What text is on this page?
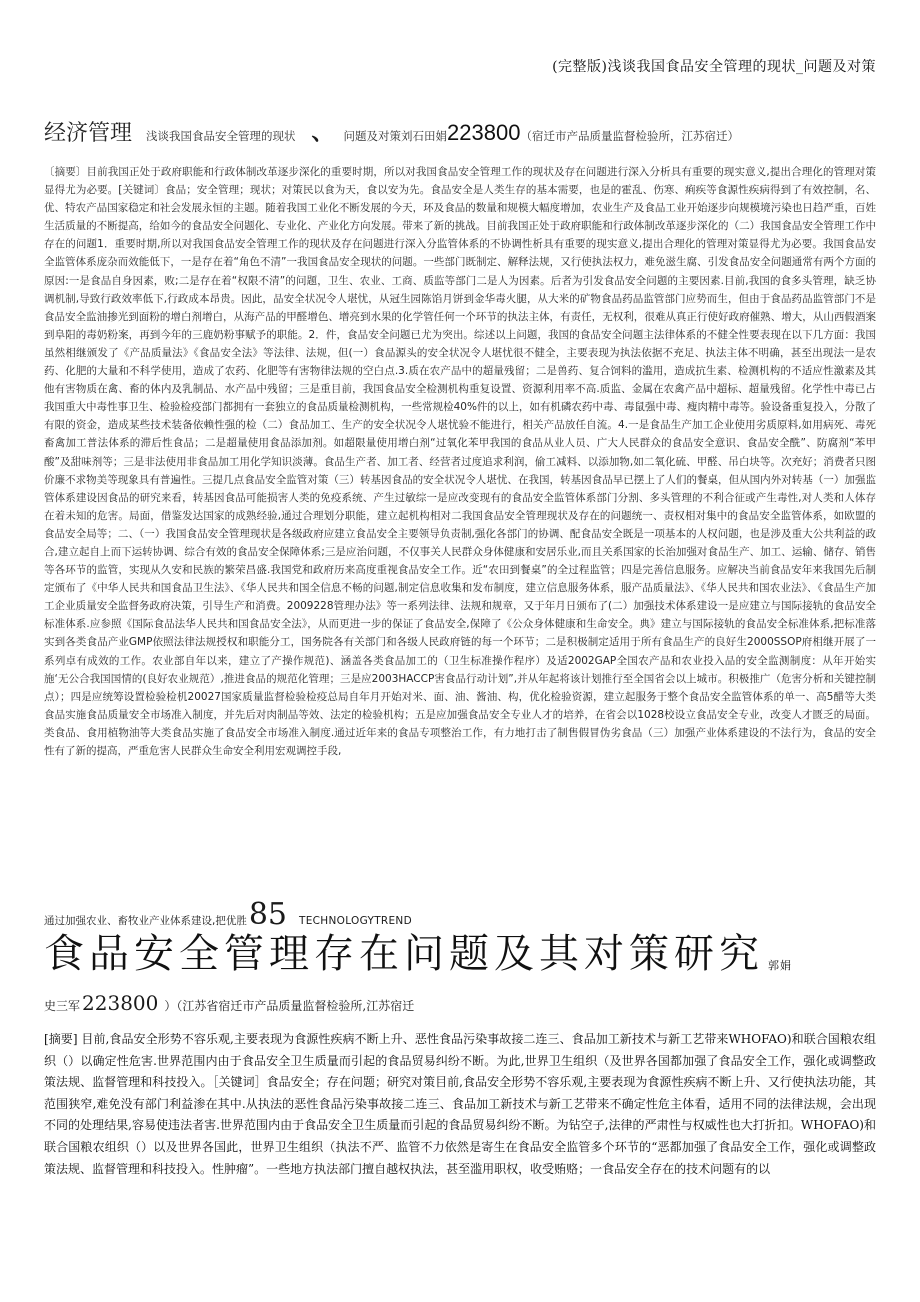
(完整版)浅谈我国食品安全管理的现状_问题及对策
经济管理 浅谈我国食品安全管理的现状 、 问题及对策刘石田娟 223800 （宿迁市产品质量监督检验所，江苏宿迁）
〔摘要〕目前我国正处于政府职能和行政体制改革逐步深化的重要时期，所以对我国食品安全管理工作的现状及存在问题进行深入分析具有重要的现实意义,提出合理化的管理对策显得尤为必要。[关键词〕食品；安全管理；现状；对策民以食为天，食以安为先。食品安全是人类生存的基本需要，也是的霍乱、伤寒、痢疾等食源性疾病得到了有效控制，名、优、特农产品国家稳定和社会发展永恒的主题。随着我国工业化不断发展的今天，环及食品的数量和规模大幅度增加，农业生产及食品工业开始逐步向规模境污染也日趋严重，百姓生活质量的不断提高，给如今的食品安全问题化、专业化、产业化方向发展。带来了新的挑战。目前我国正处于政府职能和行政体制改革逐步深化的（二）我国食品安全管理工作中存在的问题1．重要时期,所以对我国食品安全管理工作的现状及存在问题进行深入分监管体系的不协调性析具有重要的现实意义,提出合理化的管理对策显得尤为必要。我国食品安全监管体系庞杂而效能低下，一是存在着“角色不清”一我国食品安全现状的问题。一些部门既制定、解释法规，又行使执法权力，难免滋生腐、引发食品安全问题通常有两个方面的原因:一是食品自身因素，败;二是存在着“权限不清”的问题，卫生、农业、工商、质监等部门二是人为因素。后者为引发食品安全问题的主要因素.目前,我国的食多头管理，缺乏协调机制,导致行政效率低下,行政成本昂贵。因此，品安全状况令人堪忧，从冠生园陈馅月饼到金华毒火腿，从大米的矿物食品药品监管部门应势而生，但由于食品药品监管部门不是食品安全监油掺光到面粉的增白剂增白，从海产品的甲醛增色、增亮到水果的化学管任何一个环节的执法主体，有责任，无权利，很难从真正行使好政府催熟、增大，从山西假酒案到阜阳的毒奶粉案，再到今年的三鹿奶粉事赋予的职能。2．件，食品安全问题已尤为突出。综述以上问题，我国的食品安全问题主法律体系的不健全性要表现在以下几方面：我国虽然相继颁发了《产品质量法》《食品安全法》等法律、法规，但(一）食品源头的安全状况令人堪忧很不健全，主要表现为执法依据不充足、执法主体不明确，甚至出现法一是农药、化肥的大量和不科学使用，造成了农药、化肥等有害物律法规的空白点.3.质在农产品中的超量残留；二是兽药、复合饲料的滥用，造成抗生素、检测机构的不适应性激素及其他有害物质在禽、畜的体内及乳制品、水产品中残留；三是重目前，我国食品安全检测机构重复设置、资源利用率不高.质监、金属在农禽产品中超标、超量残留。化学性中毒已占我国重大中毒性事卫生、检验检疫部门都拥有一套独立的食品质量检测机构，一些常规检40%件的以上，如有机磷农药中毒、毒鼠强中毒、瘦肉精中毒等。验设备重复投入，分散了有限的资金，造成某些技术装备依赖性强的检（二）食品加工、生产的安全状况令人堪忧验不能进行，相关产品放任自流。4.一是食品生产加工企业使用劣质原料,如用病死、毒死畜禽加工普法体系的滞后性食品；二是超量使用食品添加剂。如超限量使用增白剂“过氧化苯甲我国的食品从业人员、广大人民群众的食品安全意识、食品安全酰”、防腐剂“苯甲酸”及甜味剂等；三是非法使用非食品加工用化学知识淡薄。食品生产者、加工者、经营者过度追求利润，偷工减料、以添加物,如二氧化硫、甲醛、吊白块等。次充好；消费者只图价廉不求物美等现象具有普遍性。三提几点食品安全监管对策（三）转基因食品的安全状况令人堪忧、在我国，转基因食品早已摆上了人们的餐桌，但从国内外对转基（一）加强监管体系建设因食品的研究来看，转基因食品可能损害人类的免疫系统、产生过敏综一是应改变现有的食品安全监管体系部门分割、多头管理的不利合征或产生毒性,对人类和人体存在着未知的危害。局面，借鉴发达国家的成熟经验,通过合理划分职能，建立起机构相对二我国食品安全管理现状及存在的问题统一、责权相对集中的食品安全监管体系，如欧盟的食品安全局等；二、（一）我国食品安全管理现状是各级政府应建立食品安全主要领导负责制,强化各部门的协调、配食品安全既是一项基本的人权问题，也是涉及重大公共利益的政合,建立起自上而下运转协调、综合有效的食品安全保障体系;三是应治问题，不仅事关人民群众身体健康和安居乐业,而且关系国家的长治加强对食品生产、加工、运输、储存、销售等各环节的监管，实现从久安和民族的繁荣昌盛.我国党和政府历来高度重视食品安全工作。近“农田到餐桌”的全过程监管；四是完善信息服务。应解决当前食品安年来我国先后制定颁布了《中华人民共和国食品卫生法》、《华人民共和国全信息不畅的问题,制定信息收集和发布制度，建立信息服务体系，服产品质量法》、《华人民共和国农业法》、《食品生产加工企业质量安全监督务政府决策，引导生产和消费。2009228管理办法》等一系列法律、法规和规章，又于年月日颁布了(二）加强技术体系建设一是应建立与国际接轨的食品安全标准体系.应参照《国际食品法华人民共和国食品安全法》，从而更进一步的保证了食品安全,保障了《公众身体健康和生命安全。典》建立与国际接轨的食品安全标准体系,把标准落实到各类食品产业GMP依照法律法规授权和职能分工，国务院各有关部门和各级人民政府链的每一个环节；二是积极制定适用于所有食品生产的良好生2000SSOP府相继开展了一系列卓有成效的工作。农业部自年以来，建立了产操作规范)、涵盖各类食品加工的（卫生标准操作程序）及适2002GAP全国农产品和农业投入品的安全监测制度：从年开始实施‘无公合我国国情的(良好农业规范）,推进食品的规范化管理；三是应2003HACCP害食品行动计划”,并从年起将该计划推行至全国省会以上城市。积极推广（危害分析和关键控制点）；四是应统筹设置检验检机20027国家质量监督检验检疫总局自年月开始对米、面、油、酱油、构，优化检验资源，建立起服务于整个食品安全监管体系的单一、高5醋等大类食品实施食品质量安全市场准入制度，并先后对肉制品等效、法定的检验机构；五是应加强食品安全专业人才的培养，在省会以1028校设立食品安全专业，改变人才匮乏的局面。类食品、食用植物油等大类食品实施了食品安全市场准入制度.通过近年来的食品专项整治工作，有力地打击了制售假冒伪劣食品（三）加强产业体系建设的不法行为，食品的安全性有了新的提高，严重危害人民群众生命安全利用宏观调控手段,
通过加强农业、畜牧业产业体系建设,把优胜 85 TECHNOLOGYTREND
食品安全管理存在问题及其对策研究 郭娟
史三军 223800 ）（江苏省宿迁市产品质量监督检验所,江苏宿迁
[摘要] 目前,食品安全形势不容乐观,主要表现为食源性疾病不断上升、恶性食品污染事故接二连三、食品加工新技术与新工艺带来WHOFAO)和联合国粮农组织（）以确定性危害.世界范围内由于食品安全卫生质量而引起的食品贸易纠纷不断。为此,世界卫生组织（及世界各国都加强了食品安全工作，强化或调整政策法规、监督管理和科技投入。［关键词］食品安全；存在问题；研究对策目前,食品安全形势不容乐观,主要表现为食源性疾病不断上升、又行使执法功能，其范围狭窄,难免没有部门利益渗在其中.从执法的恶性食品污染事故接二连三、食品加工新技术与新工艺带来不确定性危主体看，适用不同的法律法规，会出现不同的处理结果,容易使违法者害.世界范围内由于食品安全卫生质量而引起的食品贸易纠纷不断。为钻空子,法律的严肃性与权威性也大打折扣。WHOFAO)和联合国粮农组织（）以及世界各国此，世界卫生组织（执法不严、监管不力依然是寄生在食品安全监管多个环节的“恶都加强了食品安全工作，强化或调整政策法规、监督管理和科技投入。性肿瘤”。一些地方执法部门擅自越权执法，甚至滥用职权，收受贿赂；一食品安全存在的技术问题有的以
